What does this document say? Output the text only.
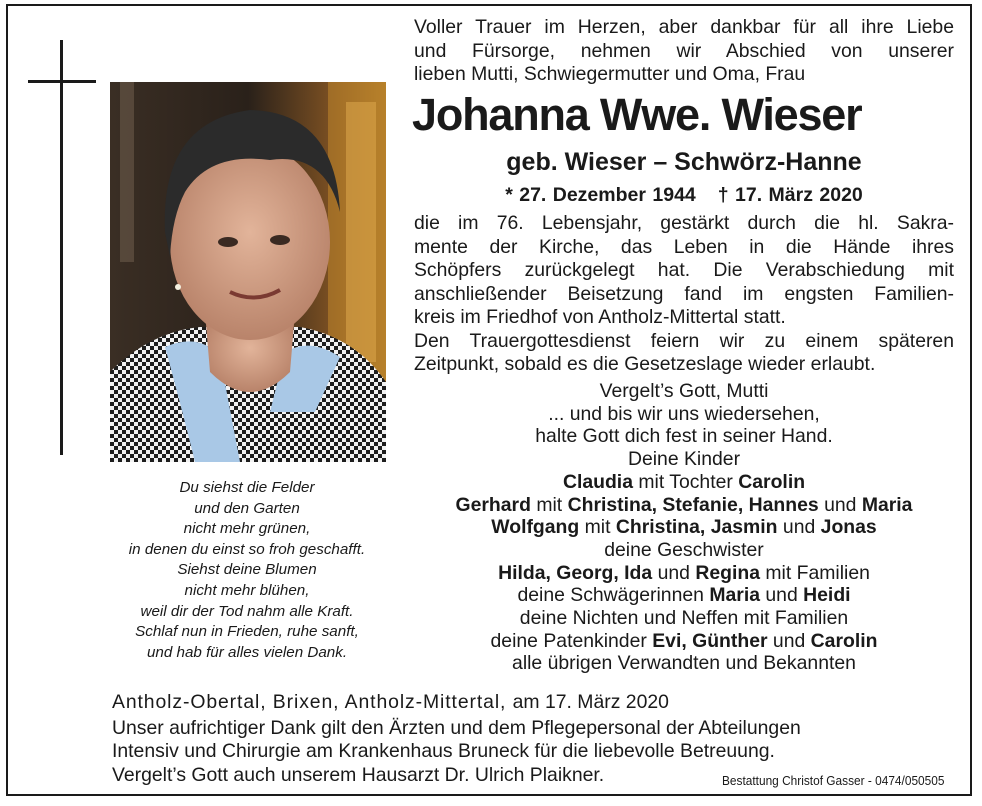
Du siehst die Felder
und den Garten
nicht mehr grünen,
in denen du einst so froh geschafft.
Siehst deine Blumen
nicht mehr blühen,
weil dir der Tod nahm alle Kraft.
Schlaf nun in Frieden, ruhe sanft,
und hab für alles vielen Dank.
Voller Trauer im Herzen, aber dankbar für all ihre Liebe
und Fürsorge, nehmen wir Abschied von unserer
lieben Mutti, Schwiegermutter und Oma, Frau
Johanna Wwe. Wieser
geb. Wieser – Schwörz-Hanne
* 27. Dezember 1944 † 17. März 2020
die im 76. Lebensjahr, gestärkt durch die hl. Sakra-
mente der Kirche, das Leben in die Hände ihres
Schöpfers zurückgelegt hat. Die Verabschiedung mit
anschließender Beisetzung fand im engsten Familien-
kreis im Friedhof von Antholz-Mittertal statt.
Den Trauergottesdienst feiern wir zu einem späteren
Zeitpunkt, sobald es die Gesetzeslage wieder erlaubt.
Vergelt’s Gott, Mutti
... und bis wir uns wiedersehen,
halte Gott dich fest in seiner Hand.
Deine Kinder
Claudia mit Tochter Carolin
Gerhard mit Christina, Stefanie, Hannes und Maria
Wolfgang mit Christina, Jasmin und Jonas
deine Geschwister
Hilda, Georg, Ida und Regina mit Familien
deine Schwägerinnen Maria und Heidi
deine Nichten und Neffen mit Familien
deine Patenkinder Evi, Günther und Carolin
alle übrigen Verwandten und Bekannten
Antholz-Obertal, Brixen, Antholz-Mittertal, am 17. März 2020
Unser aufrichtiger Dank gilt den Ärzten und dem Pflegepersonal der Abteilungen
Intensiv und Chirurgie am Krankenhaus Bruneck für die liebevolle Betreuung.
Vergelt’s Gott auch unserem Hausarzt Dr. Ulrich Plaikner.	Bestattung Christof Gasser - 0474/050505
